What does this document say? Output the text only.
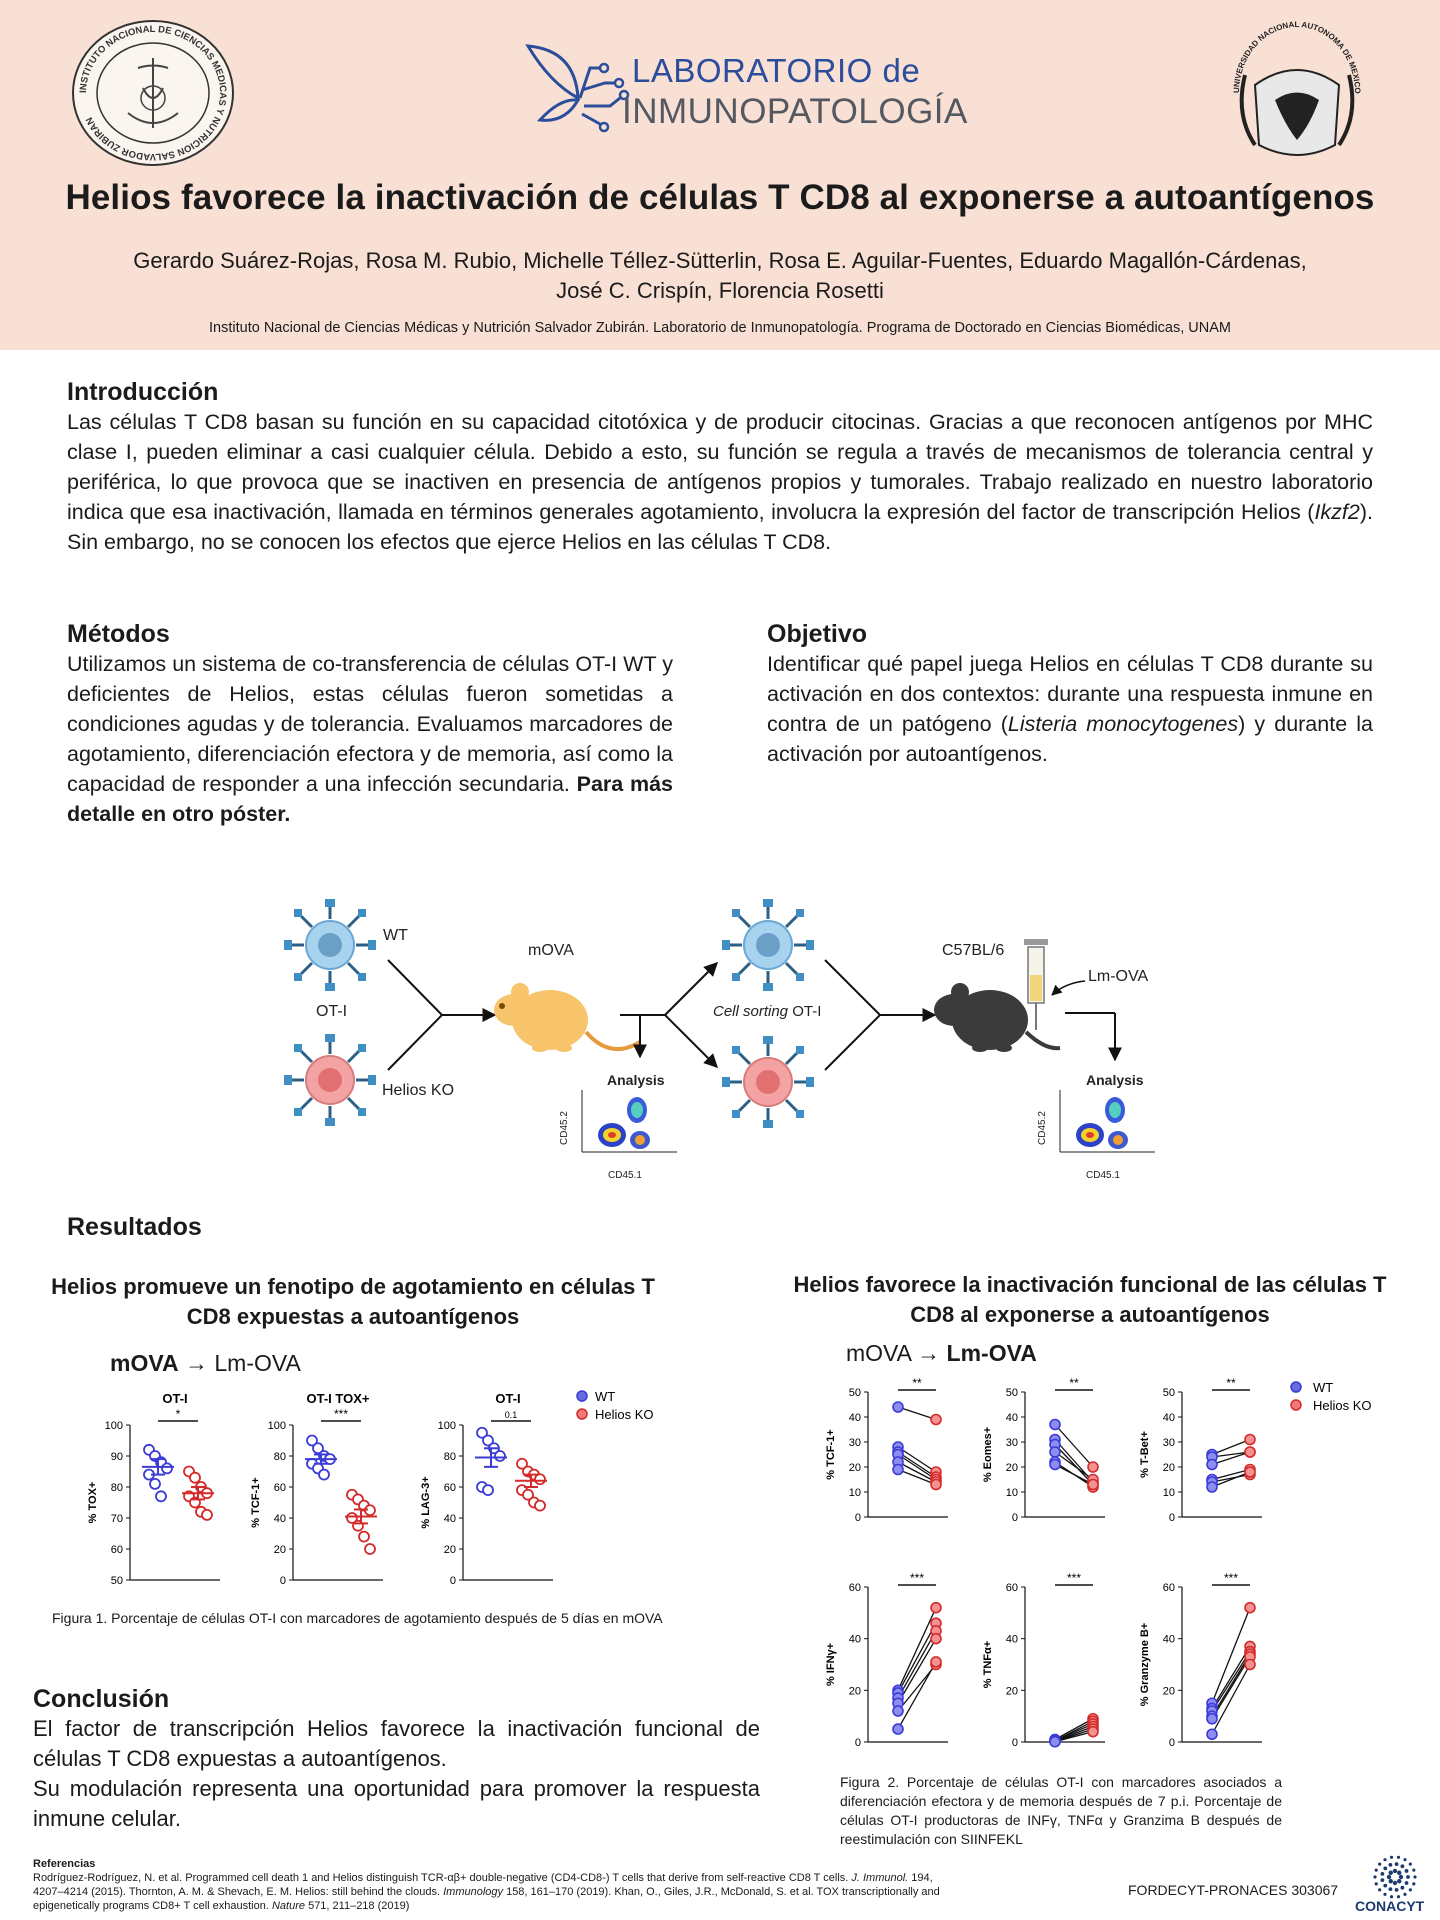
INSTITUTO NACIONAL DE CIENCIAS MEDICAS Y NUTRICION SALVADOR ZUBIRAN
LABORATORIO de
INMUNOPATOLOGÍA
UNIVERSIDAD NACIONAL AUTONOMA DE MEXICO
Helios favorece la inactivación de células T CD8 al exponerse a autoantígenos
Gerardo Suárez-Rojas, Rosa M. Rubio, Michelle Téllez-Sütterlin, Rosa E. Aguilar-Fuentes, Eduardo Magallón-Cárdenas,
José C. Crispín, Florencia Rosetti
Instituto Nacional de Ciencias Médicas y Nutrición Salvador Zubirán. Laboratorio de Inmunopatología. Programa de Doctorado en Ciencias Biomédicas, UNAM
Introducción

Las células T CD8 basan su función en su capacidad citotóxica y de producir citocinas. Gracias a que reconocen antígenos por MHC clase I, pueden eliminar a casi cualquier célula. Debido a esto, su función se regula a través de mecanismos de tolerancia central y periférica, lo que provoca que se inactiven en presencia de antígenos propios y tumorales. Trabajo realizado en nuestro laboratorio indica que esa inactivación, llamada en términos generales agotamiento, involucra la expresión del factor de transcripción Helios (Ikzf2). Sin embargo, no se conocen los efectos que ejerce Helios en las células T CD8.

Métodos

Utilizamos un sistema de co-transferencia de células OT-I WT y deficientes de Helios, estas células fueron sometidas a condiciones agudas y de tolerancia. Evaluamos marcadores de agotamiento, diferenciación efectora y de memoria, así como la capacidad de responder a una infección secundaria. Para más detalle en otro póster.

Objetivo

Identificar qué papel juega Helios en células T CD8 durante su activación en dos contextos: durante una respuesta inmune en contra de un patógeno (Listeria monocytogenes) y durante la activación por autoantígenos.

WT
OT-I
Helios KO
mOVA
Analysis
CD45.2
CD45.1
Cell sorting OT-I
C57BL/6
Lm-OVA
Analysis
CD45.2
CD45.1
Resultados
Helios promueve un fenotipo de agotamiento en células T
CD8 expuestas a autoantígenos
mOVA → Lm-OVA
Helios favorece la inactivación funcional de las células T
CD8 al exponerse a autoantígenos
mOVA → Lm-OVA
50
60
70
80
90
100
% TOX+
OT-I
*
0
20
40
60
80
100
% TCF-1+
OT-I TOX+
***
0
20
40
60
80
100
% LAG-3+
OT-I
0.1
WT
Helios KO
Figura 1. Porcentaje de células OT-I con marcadores de agotamiento después de 5 días en mOVA
0
10
20
30
40
50
% TCF-1+
**
0
10
20
30
40
50
% Eomes+
**
0
10
20
30
40
50
% T-Bet+
**
0
20
40
60
% IFNγ+
***
0
20
40
60
% TNFα+
***
0
20
40
60
% Granzyme B+
***
WT
Helios KO
Figura 2. Porcentaje de células OT-I con marcadores asociados a diferenciación efectora y de memoria después de 7 p.i. Porcentaje de células OT-I productoras de INFγ, TNFα y Granzima B después de reestimulación con SIINFEKL
Conclusión

El factor de transcripción Helios favorece la inactivación funcional de células T CD8 expuestas a autoantígenos.

Su modulación representa una oportunidad para promover la respuesta inmune celular.

Referencias
Rodríguez-Rodríguez, N. et al. Programmed cell death 1 and Helios distinguish TCR-αβ+ double-negative (CD4-CD8-) T cells that derive from self-reactive CD8 T cells. J. Immunol. 194,
4207–4214 (2015). Thornton, A. M. & Shevach, E. M. Helios: still behind the clouds. Immunology 158, 161–170 (2019). Khan, O., Giles, J.R., McDonald, S. et al. TOX transcriptionally and
epigenetically programs CD8+ T cell exhaustion. Nature 571, 211–218 (2019)
FORDECYT-PRONACES 303067
CONACYT
